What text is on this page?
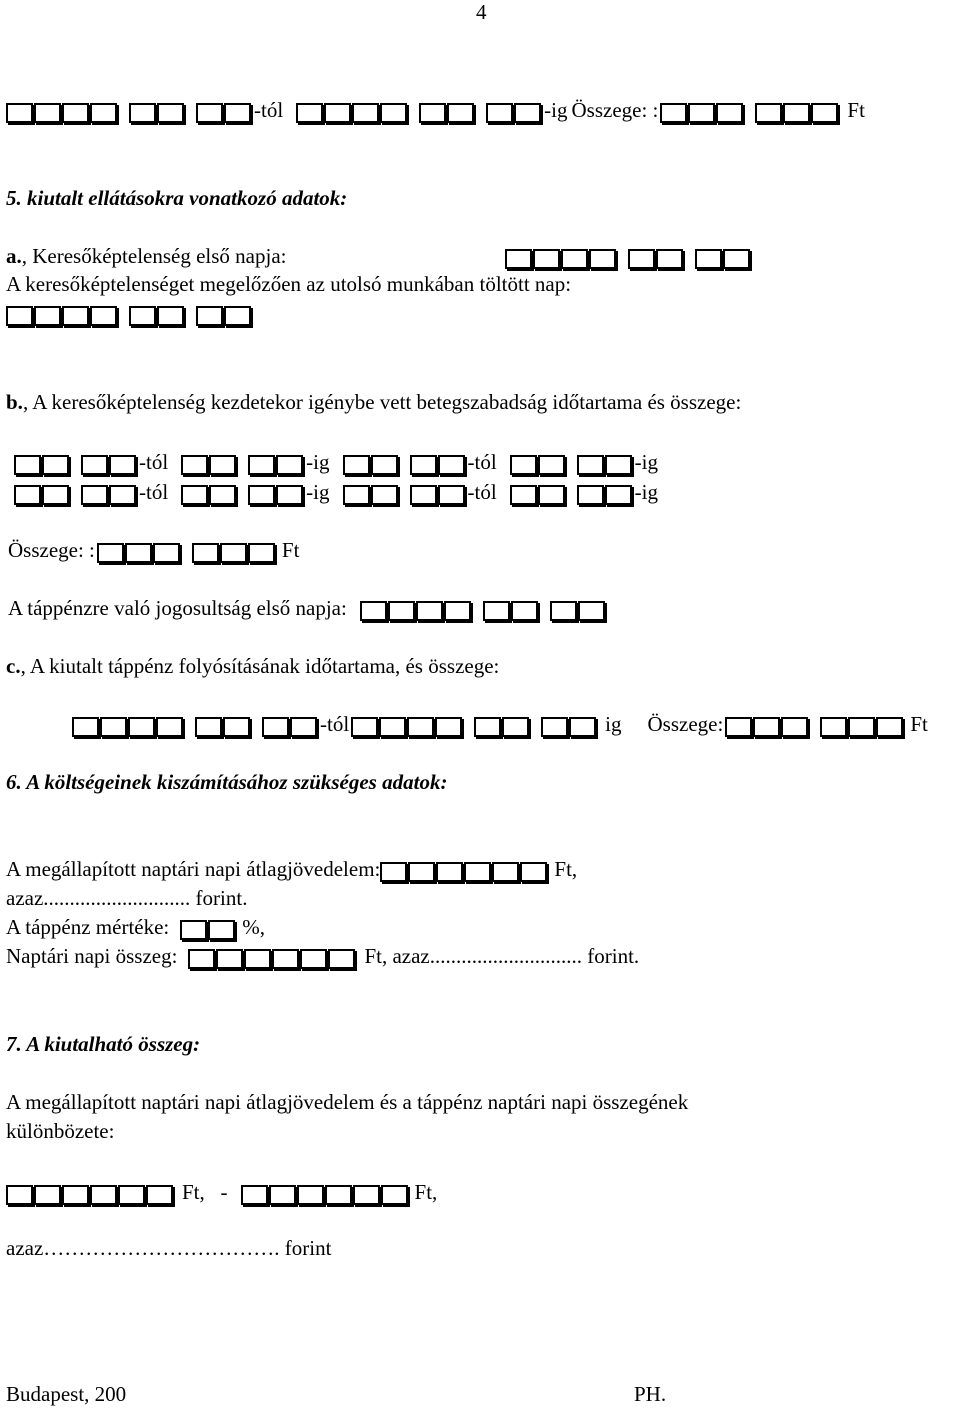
4
-tól	-ig Összege: :	Ft
5. kiutalt ellátásokra vonatkozó adatok:
a. , Keresőképtelenség első napja:
A keresőképtelenséget megelőzően az utolsó munkában töltött nap:
b. , A keresőképtelenség kezdetekor igénybe vett betegszabadság időtartama és összege:
-tól	-ig	-tól	-ig
-tól	-ig	-tól	-ig
Összege: :	Ft
A táppénzre való jogosultság első napja:
c. , A kiutalt táppénz folyósításának időtartama, és összege:
-tól	ig Összege:	Ft
6. A költségeinek kiszámításához szükséges adatok:
A megállapított naptári napi átlagjövedelem:	Ft,
azaz............................ forint.
A táppénz mértéke:	%,
Naptári napi összeg:	Ft, azaz............................. forint.
7. A kiutalható összeg:
A megállapított naptári napi átlagjövedelem és a táppénz naptári napi összegének
különbözete:
Ft,   -	Ft,
azaz……………………………. forint
Budapest, 200	PH.
